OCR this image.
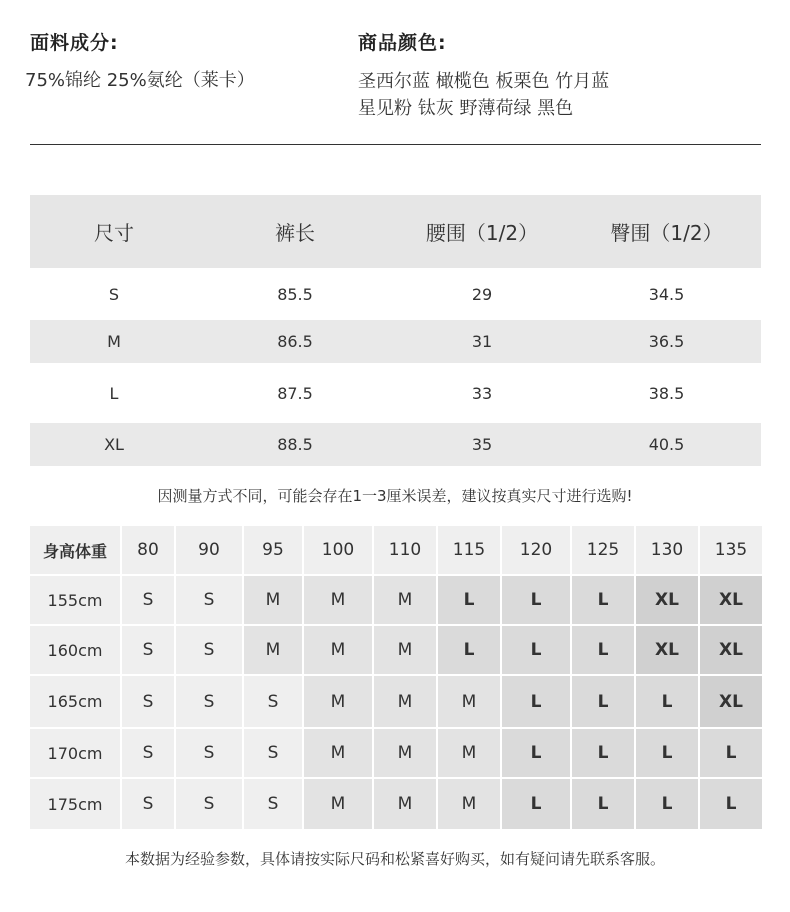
面料成分:
75%锦纶 25%氨纶（莱卡）
商品颜色:
圣西尔蓝 橄榄色 板栗色 竹月蓝
星见粉 钛灰 野薄荷绿 黑色
尺寸	裤长	腰围（1/2）	臀围（1/2）
S	85.5	29	34.5
M	86.5	31	36.5
L	87.5	33	38.5
XL	88.5	35	40.5
因测量方式不同，可能会存在1一3厘米误差，建议按真实尺寸进行选购!
身高体重	80	90	95	100	110	115	120	125	130	135
155cm	S	S	M	M	M	L	L	L	XL	XL
160cm	S	S	M	M	M	L	L	L	XL	XL
165cm	S	S	S	M	M	M	L	L	L	XL
170cm	S	S	S	M	M	M	L	L	L	L
175cm	S	S	S	M	M	M	L	L	L	L
本数据为经验参数，具体请按实际尺码和松紧喜好购买，如有疑问请先联系客服。
